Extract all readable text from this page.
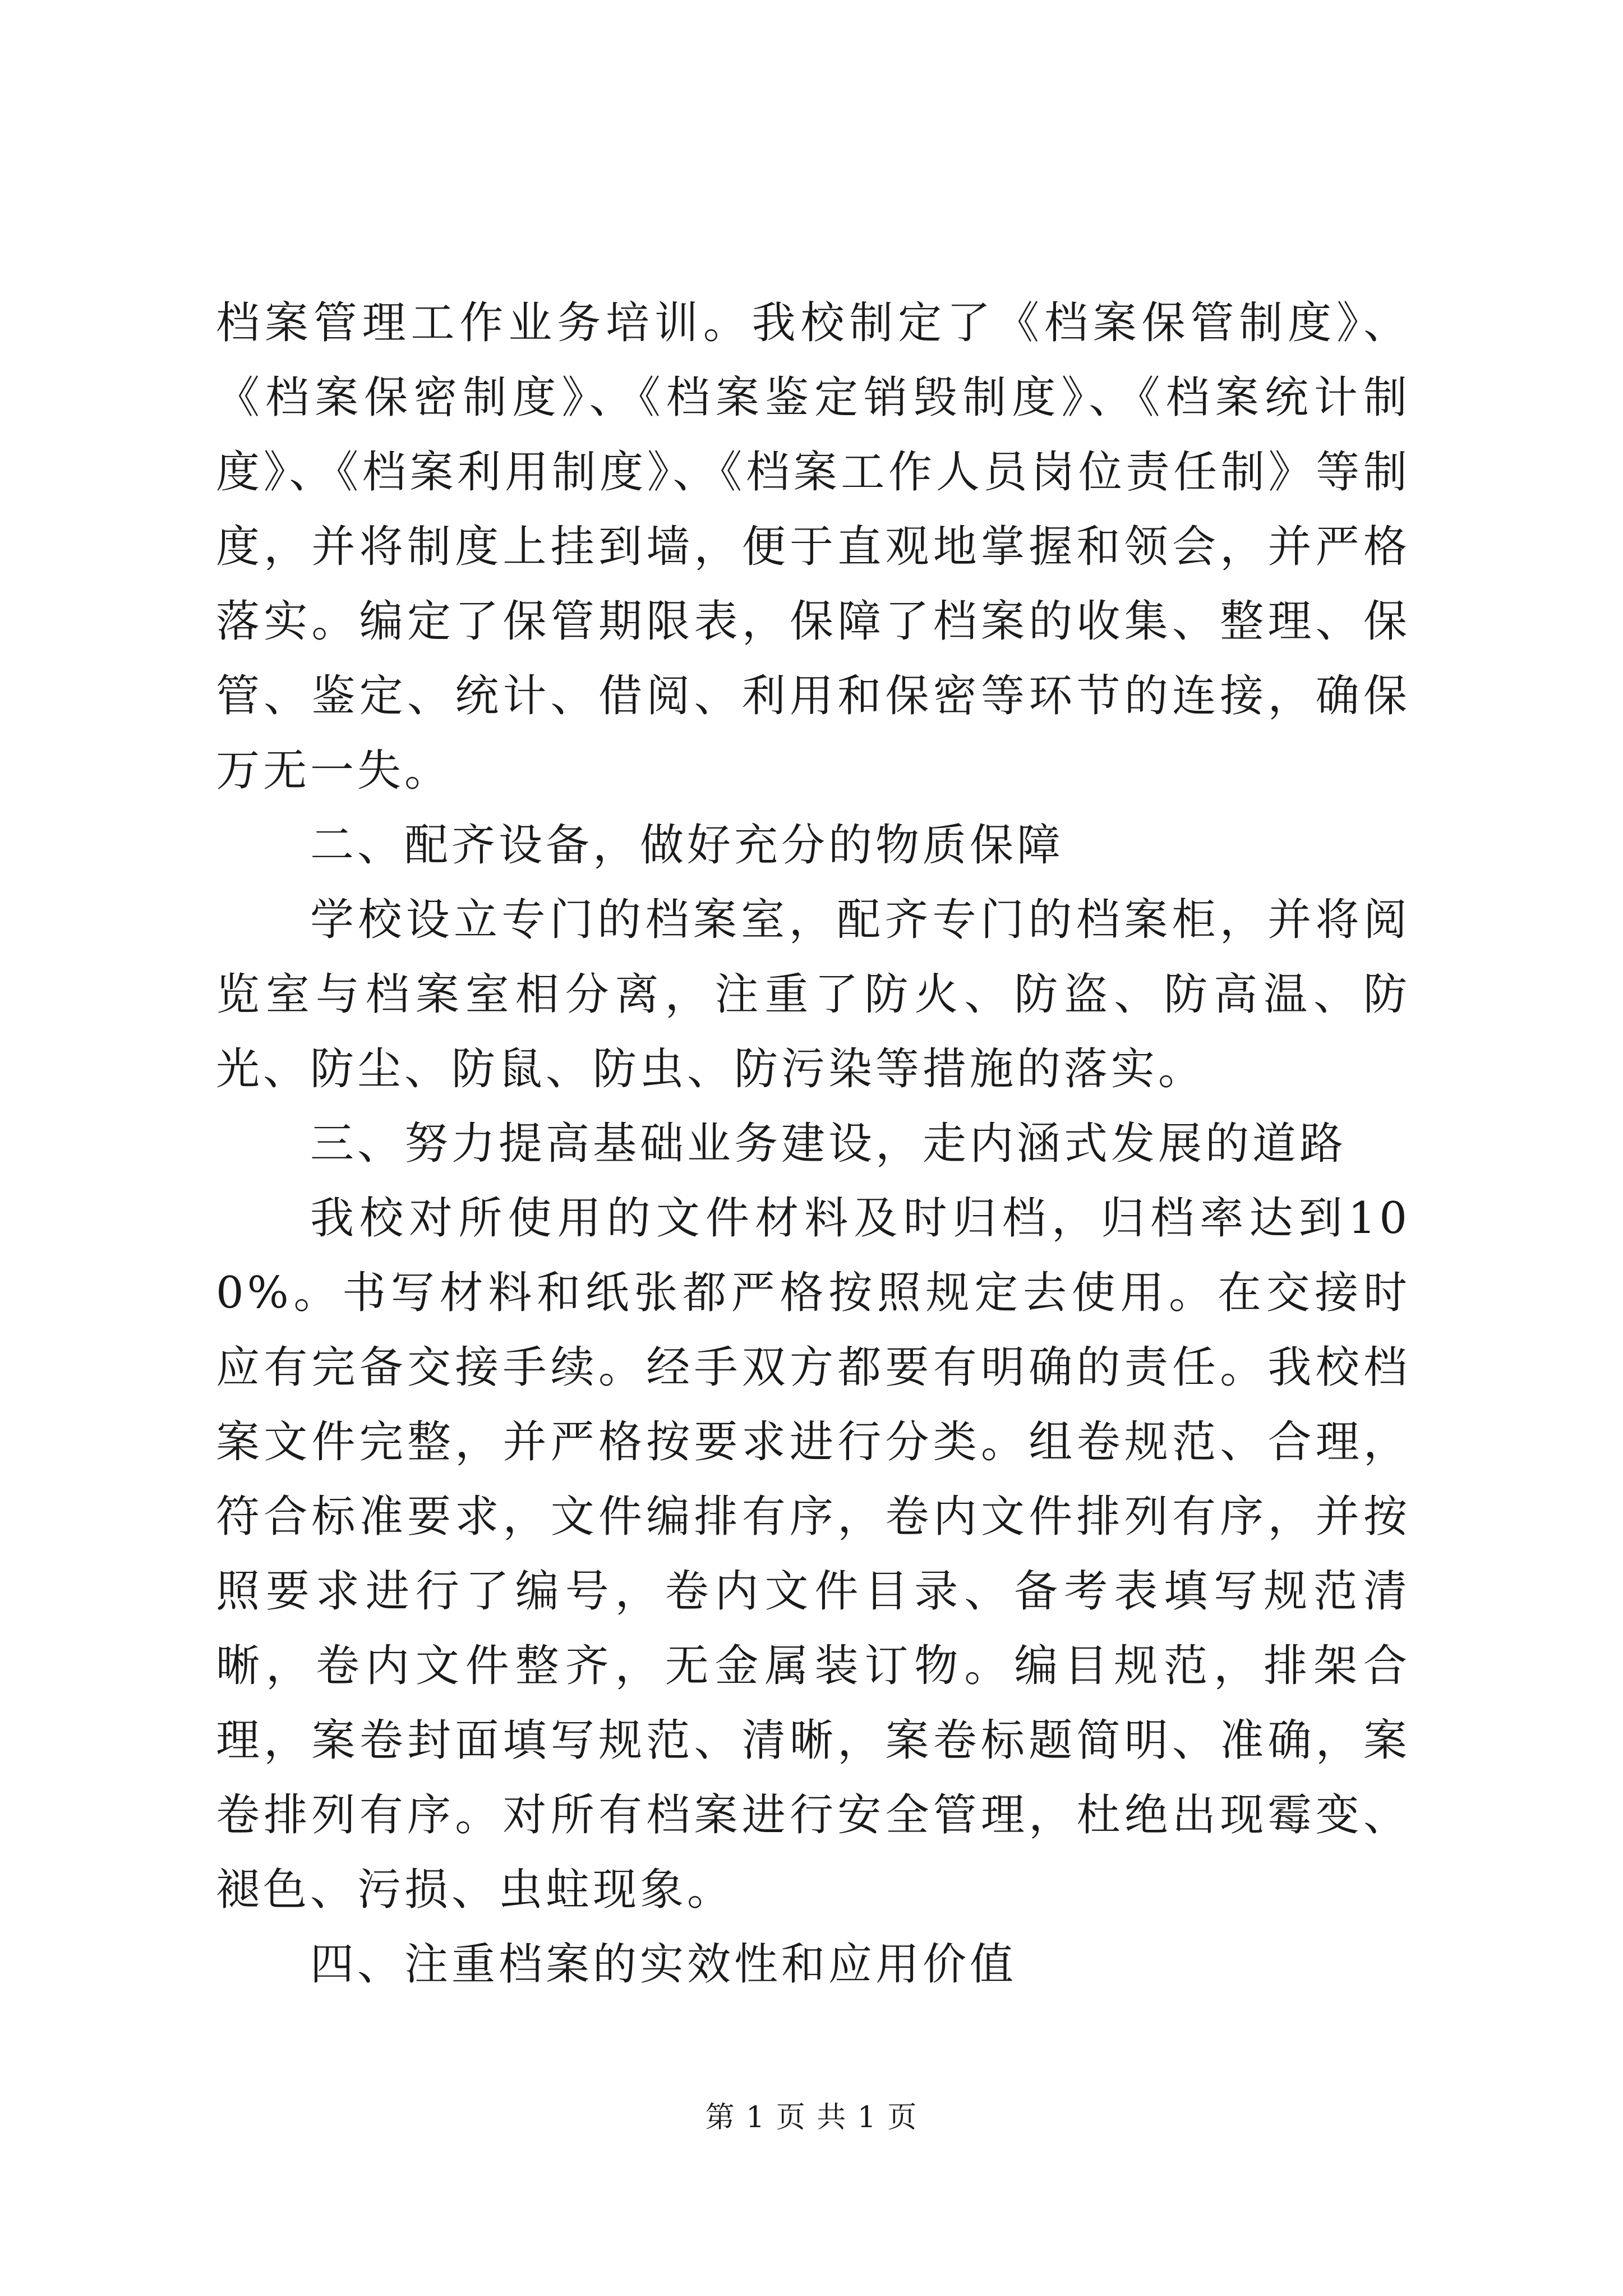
档案管理工作业务培训。我校制定了《档案保管制度》、《档案保密制度》、《档案鉴定销毁制度》、《档案统计制度》、《档案利用制度》、《档案工作人员岗位责任制》等制度，并将制度上挂到墙，便于直观地掌握和领会，并严格落实。编定了保管期限表，保障了档案的收集、整理、保管、鉴定、统计、借阅、利用和保密等环节的连接，确保万无一失。

二、配齐设备，做好充分的物质保障

学校设立专门的档案室，配齐专门的档案柜，并将阅览室与档案室相分离，注重了防火、防盗、防高温、防光、防尘、防鼠、防虫、防污染等措施的落实。

三、努力提高基础业务建设，走内涵式发展的道路

我校对所使用的文件材料及时归档，归档率达到100%。书写材料和纸张都严格按照规定去使用。在交接时应有完备交接手续。经手双方都要有明确的责任。我校档案文件完整，并严格按要求进行分类。组卷规范、合理，符合标准要求，文件编排有序，卷内文件排列有序，并按照要求进行了编号，卷内文件目录、备考表填写规范清晰，卷内文件整齐，无金属装订物。编目规范，排架合理，案卷封面填写规范、清晰，案卷标题简明、准确，案卷排列有序。对所有档案进行安全管理，杜绝出现霉变、褪色、污损、虫蛀现象。

四、注重档案的实效性和应用价值

第 1 页 共 1 页
